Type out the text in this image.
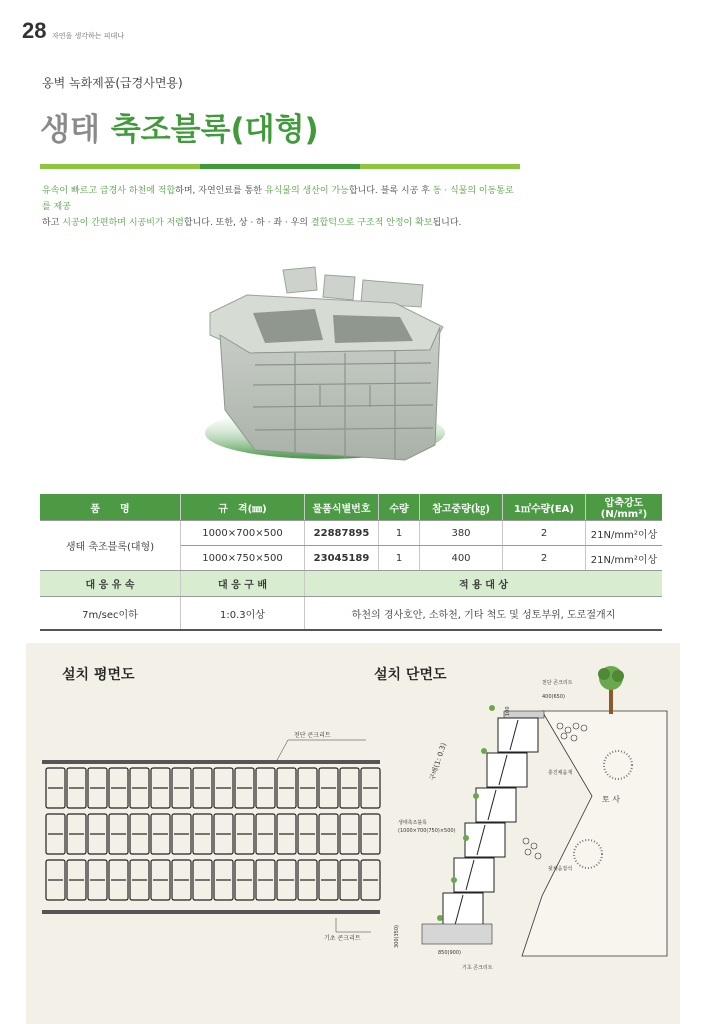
28 자연을 생각하는 피데나
옹벽 녹화제품(급경사면용)
생태 축조블록(대형)
유속이 빠르고 급경사 하천에 적합하며, 자연인료를 통한 유식물의 생산이 가능합니다. 블록 시공 후 동 · 식물의 이동통로를 제공
하고 시공이 간편하며 시공비가 저렴합니다. 또한, 상 · 하 · 좌 · 우의 결합턱으로 구조적 안정이 확보됩니다.
품　　명	규　격(㎜)	물품식별번호	수량	참고중량(㎏)	1㎡수량(EA)	압축강도(N/mm²)
생태 축조블록(대형)	1000×700×500	22887895	1	380	2	21N/mm²이상
	1000×750×500	23045189	1	400	2	21N/mm²이상
대 응 유 속	대 응 구 배	적 용 대 상				
7m/sec이하	1:0.3이상	하천의 경사호안, 소하천, 기타 척도 및 성토부위, 도로절개지				
설치 평면도
천단 콘크리트
기초 콘크리트
설치 단면도
토 사
천단 콘크리트
400(650)
100
300(350)
850(900)
기초 콘크리트
구배(1: 0.3)	충진채움재
생태축조블록
(1000×700(750)×500)
뒷채움잡석
